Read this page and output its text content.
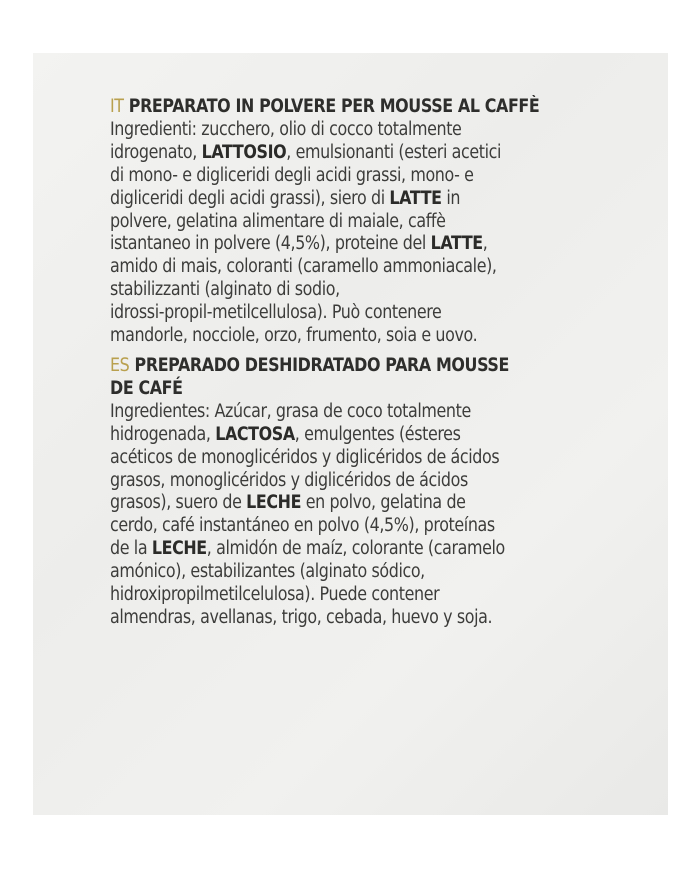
IT PREPARATO IN POLVERE PER MOUSSE AL CAFFÈ

Ingredienti: zucchero, olio di cocco totalmente

idrogenato, LATTOSIO, emulsionanti (esteri acetici

di mono- e digliceridi degli acidi grassi, mono- e

digliceridi degli acidi grassi), siero di LATTE in

polvere, gelatina alimentare di maiale, caffè

istantaneo in polvere (4,5%), proteine del LATTE,

amido di mais, coloranti (caramello ammoniacale),

stabilizzanti (alginato di sodio,

idrossi-propil-metilcellulosa). Può contenere

mandorle, nocciole, orzo, frumento, soia e uovo.

ES PREPARADO DESHIDRATADO PARA MOUSSE

DE CAFÉ

Ingredientes: Azúcar, grasa de coco totalmente

hidrogenada, LACTOSA, emulgentes (ésteres

acéticos de monoglicéridos y diglicéridos de ácidos

grasos, monoglicéridos y diglicéridos de ácidos

grasos), suero de LECHE en polvo, gelatina de

cerdo, café instantáneo en polvo (4,5%), proteínas

de la LECHE, almidón de maíz, colorante (caramelo

amónico), estabilizantes (alginato sódico,

hidroxipropilmetilcelulosa). Puede contener

almendras, avellanas, trigo, cebada, huevo y soja.
